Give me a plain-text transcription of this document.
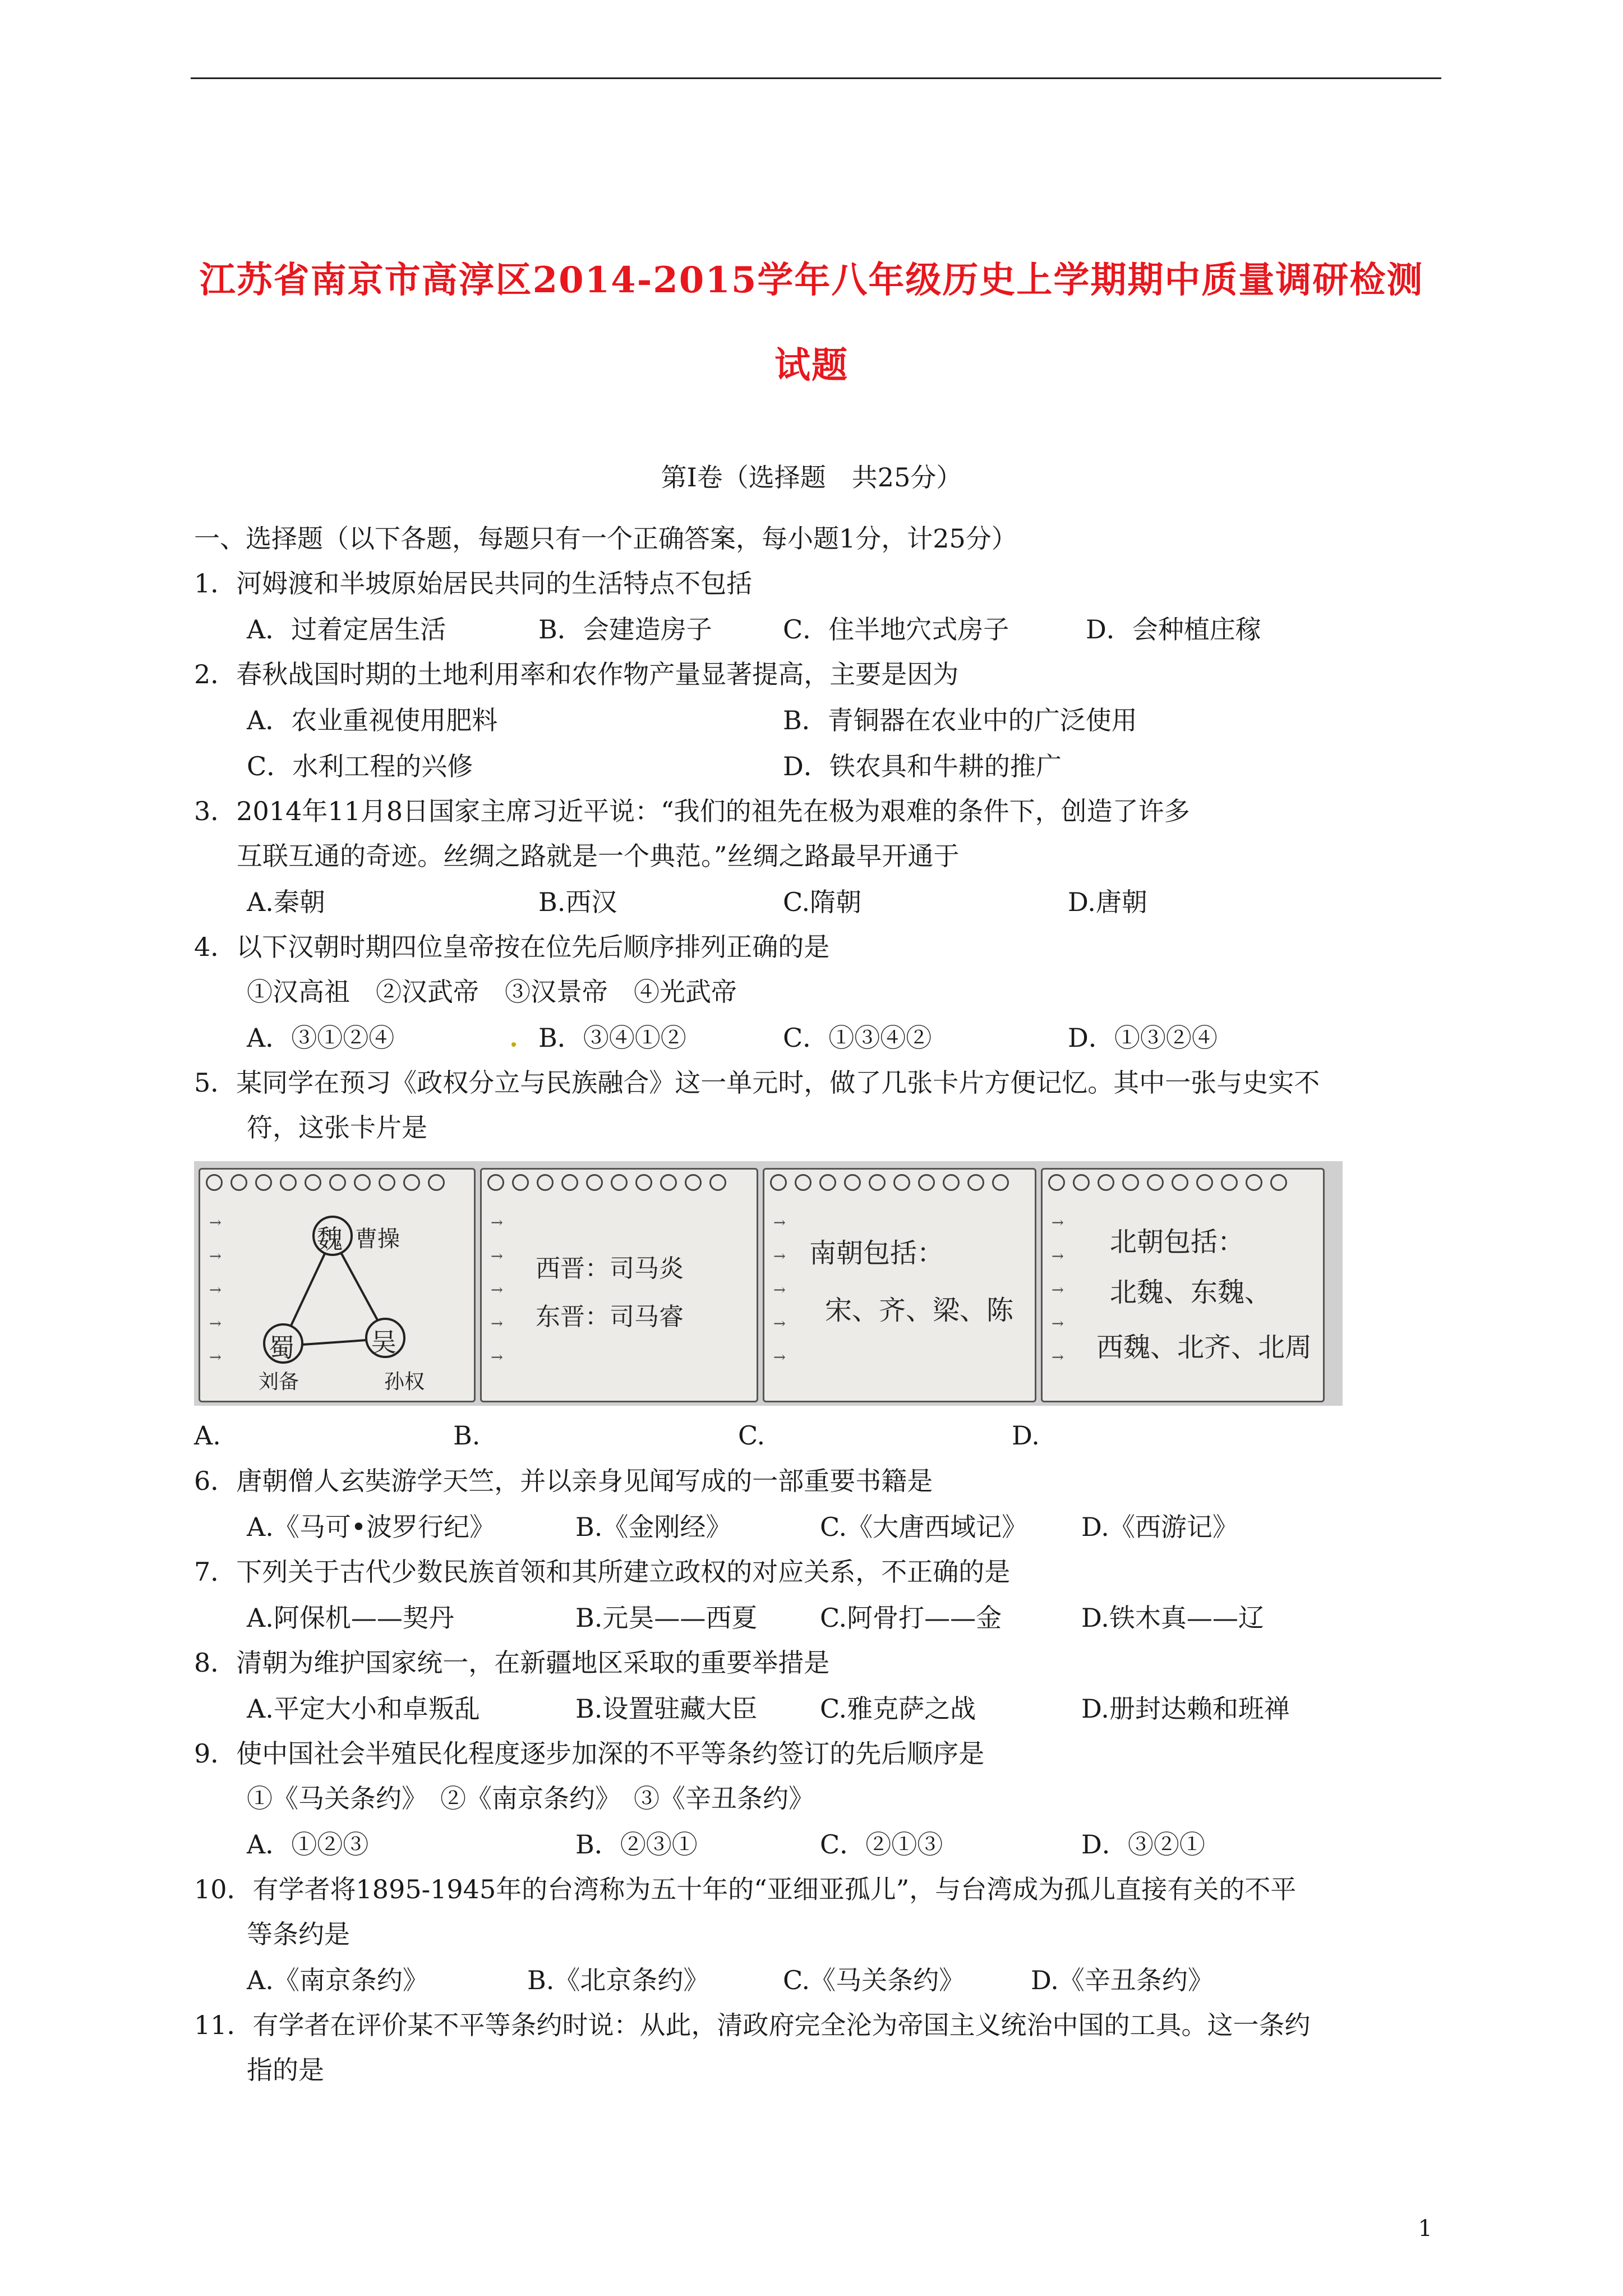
江苏省南京市高淳区2014-2015学年八年级历史上学期期中质量调研检测
试题
第Ⅰ卷（选择题　共25分）
一、选择题（以下各题，每题只有一个正确答案，每小题1分，计25分）
1．河姆渡和半坡原始居民共同的生活特点不包括
A．过着定居生活	B．会建造房子	C．住半地穴式房子	D．会种植庄稼
2．春秋战国时期的土地利用率和农作物产量显著提高，主要是因为
A．农业重视使用肥料	B．青铜器在农业中的广泛使用
C．水利工程的兴修	D．铁农具和牛耕的推广
3．2014年11月8日国家主席习近平说：“我们的祖先在极为艰难的条件下，创造了许多
互联互通的奇迹。丝绸之路就是一个典范。”丝绸之路最早开通于
A.秦朝	B.西汉	C.隋朝	D.唐朝
4．以下汉朝时期四位皇帝按在位先后顺序排列正确的是
①汉高祖　②汉武帝　③汉景帝　④光武帝
A．③①②④	B．③④①②	C．①③④②	D．①③②④
5．某同学在预习《政权分立与民族融合》这一单元时，做了几张卡片方便记忆。其中一张与史实不
符，这张卡片是
→
→
→
→
→
魏 曹操
蜀
刘备
吴
孙权
→
→
→
→
→
西晋：司马炎
东晋：司马睿
→
→
→
→
→
南朝包括：
宋、齐、梁、陈
→
→
→
→
→
北朝包括：
北魏、东魏、
西魏、北齐、北周
A.	B.	C.	D.
6．唐朝僧人玄奘游学天竺，并以亲身见闻写成的一部重要书籍是
A.《马可•波罗行纪》	B.《金刚经》	C.《大唐西域记》 D.《西游记》
7．下列关于古代少数民族首领和其所建立政权的对应关系，不正确的是
A.阿保机——契丹	B.元昊——西夏 C.阿骨打——金	D.铁木真——辽
8．清朝为维护国家统一，在新疆地区采取的重要举措是
A.平定大小和卓叛乱	B.设置驻藏大臣 C.雅克萨之战	D.册封达赖和班禅
9．使中国社会半殖民化程度逐步加深的不平等条约签订的先后顺序是
①《马关条约》　②《南京条约》　③《辛丑条约》
A．①②③	B．②③①	C．②①③	D．③②①
10．有学者将1895-1945年的台湾称为五十年的“亚细亚孤儿”，与台湾成为孤儿直接有关的不平
等条约是
A.《南京条约》	B.《北京条约》	C.《马关条约》	D.《辛丑条约》
11．有学者在评价某不平等条约时说：从此，清政府完全沦为帝国主义统治中国的工具。这一条约
指的是
1
